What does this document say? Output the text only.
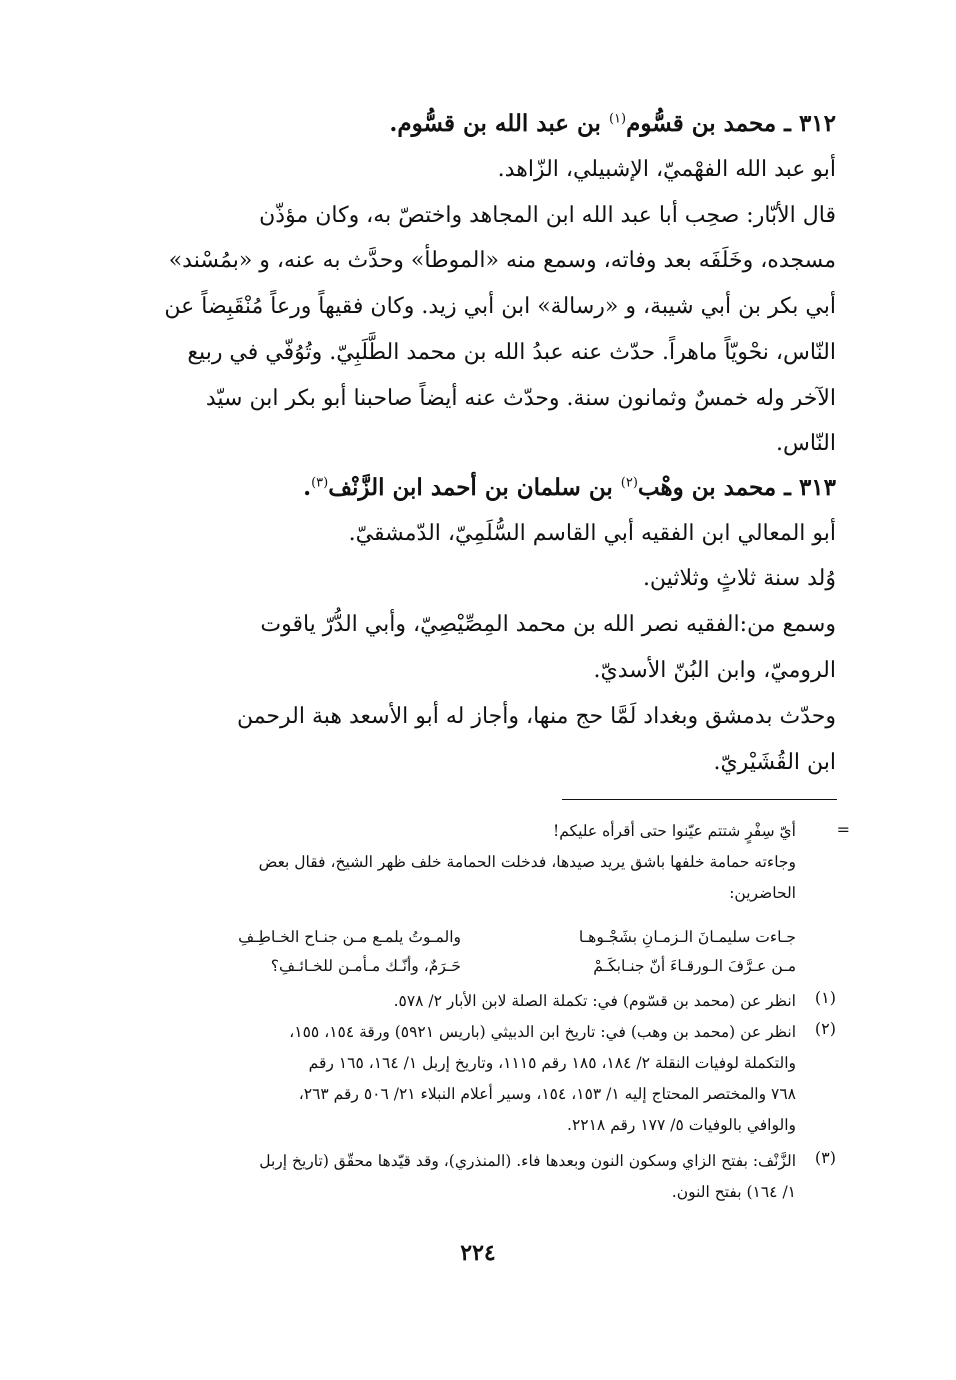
٣١٢ ـ محمد بن قسُّوم$^{(١)}$ بن عبد الله بن قسُّوم.
أبو عبد الله الفهْميّ، الإشبيلي، الزّاهد.
قال الأبّار: صحِب أبا عبد الله ابن المجاهد واختصّ به، وكان مؤذّن
مسجده، وخَلَفَه بعد وفاته، وسمع منه «الموطأ» وحدَّث به عنه، و «بمُسْند»
أبي بكر بن أبي شيبة، و «رسالة» ابن أبي زيد. وكان فقيهاً ورعاً مُنْقَبِضاً عن
النّاس، نحْويّاً ماهراً. حدّث عنه عبدُ الله بن محمد الطَّلَبِيّ. وتُوُفّي في ربيع
الآخر وله خمسٌ وثمانون سنة. وحدّث عنه أيضاً صاحبنا أبو بكر ابن سيّد
النّاس.
٣١٣ ـ محمد بن وهْب$^{(٢)}$ بن سلمان بن أحمد ابن الزَّنْف$^{(٣)}$.
أبو المعالي ابن الفقيه أبي القاسم السُّلَمِيّ، الدّمشقيّ.
وُلد سنة ثلاثٍ وثلاثين.
وسمع من:الفقيه نصر الله بن محمد المِصِّيْصِيّ، وأبي الدُّرّ ياقوت
الروميّ، وابن البُنّ الأسديّ.
وحدّث بدمشق وبغداد لَمَّا حج منها، وأجاز له أبو الأسعد هبة الرحمن
ابن القُشَيْريّ.
=
أيّ سِفْرٍ شتتم عيّنوا حتى أقرأه عليكم!
وجاءته حمامة خلفها باشق يريد صيدها، فدخلت الحمامة خلف ظهر الشيخ، فقال بعض
الحاضرين:
جـاءت سليمـانَ الـزمـانِ بشَجْـوهـا
والمـوتُ يلمـع مـن جنـاح الخـاطِـفِ
مـن عـرَّفَ الـورقـاءَ أنّ جنـابكَـمْ
حَـرَمٌ، وأنّـك مـأمـن للخـائـفِ؟
(١)
انظر عن (محمد بن قسّوم) في: تكملة الصلة لابن الأبار ٢/ ٥٧٨.
(٢)
انظر عن (محمد بن وهب) في: تاريخ ابن الدبيثي (باريس ٥٩٢١) ورقة ١٥٤، ١٥٥،
والتكملة لوفيات النقلة ٢/ ١٨٤، ١٨٥ رقم ١١١٥، وتاريخ إربل ١/ ١٦٤، ١٦٥ رقم
٧٦٨ والمختصر المحتاج إليه ١/ ١٥٣، ١٥٤، وسير أعلام النبلاء ٢١/ ٥٠٦ رقم ٢٦٣،
والوافي بالوفيات ٥/ ١٧٧ رقم ٢٢١٨.
(٣)
الزَّنْف: بفتح الزاي وسكون النون وبعدها فاء. (المنذري)، وقد قيّدها محقّق (تاريخ إربل
١/ ١٦٤) بفتح النون.
٢٢٤
